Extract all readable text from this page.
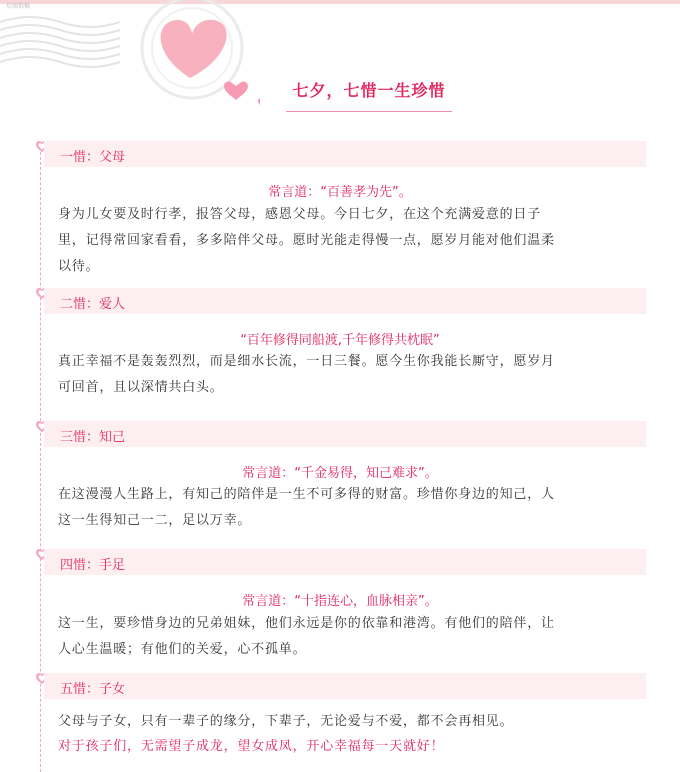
后端供稿
七夕，七惜一生珍惜
一惜：父母
常言道：“百善孝为先”。
身为儿女要及时行孝，报答父母，感恩父母。今日七夕，在这个充满爱意的日子
里，记得常回家看看，多多陪伴父母。愿时光能走得慢一点，愿岁月能对他们温柔
以待。
二惜：爱人
“百年修得同船渡,千年修得共枕眠”
真正幸福不是轰轰烈烈，而是细水长流，一日三餐。愿今生你我能长厮守，愿岁月
可回首，且以深情共白头。
三惜：知己
常言道：“千金易得，知己难求”。
在这漫漫人生路上，有知己的陪伴是一生不可多得的财富。珍惜你身边的知己，人
这一生得知己一二，足以万幸。
四惜：手足
常言道：“十指连心，血脉相亲”。
这一生，要珍惜身边的兄弟姐妹，他们永远是你的依靠和港湾。有他们的陪伴，让
人心生温暖；有他们的关爱，心不孤单。
五惜：子女
父母与子女，只有一辈子的缘分，下辈子，无论爱与不爱，都不会再相见。
对于孩子们，无需望子成龙，望女成凤，开心幸福每一天就好！
